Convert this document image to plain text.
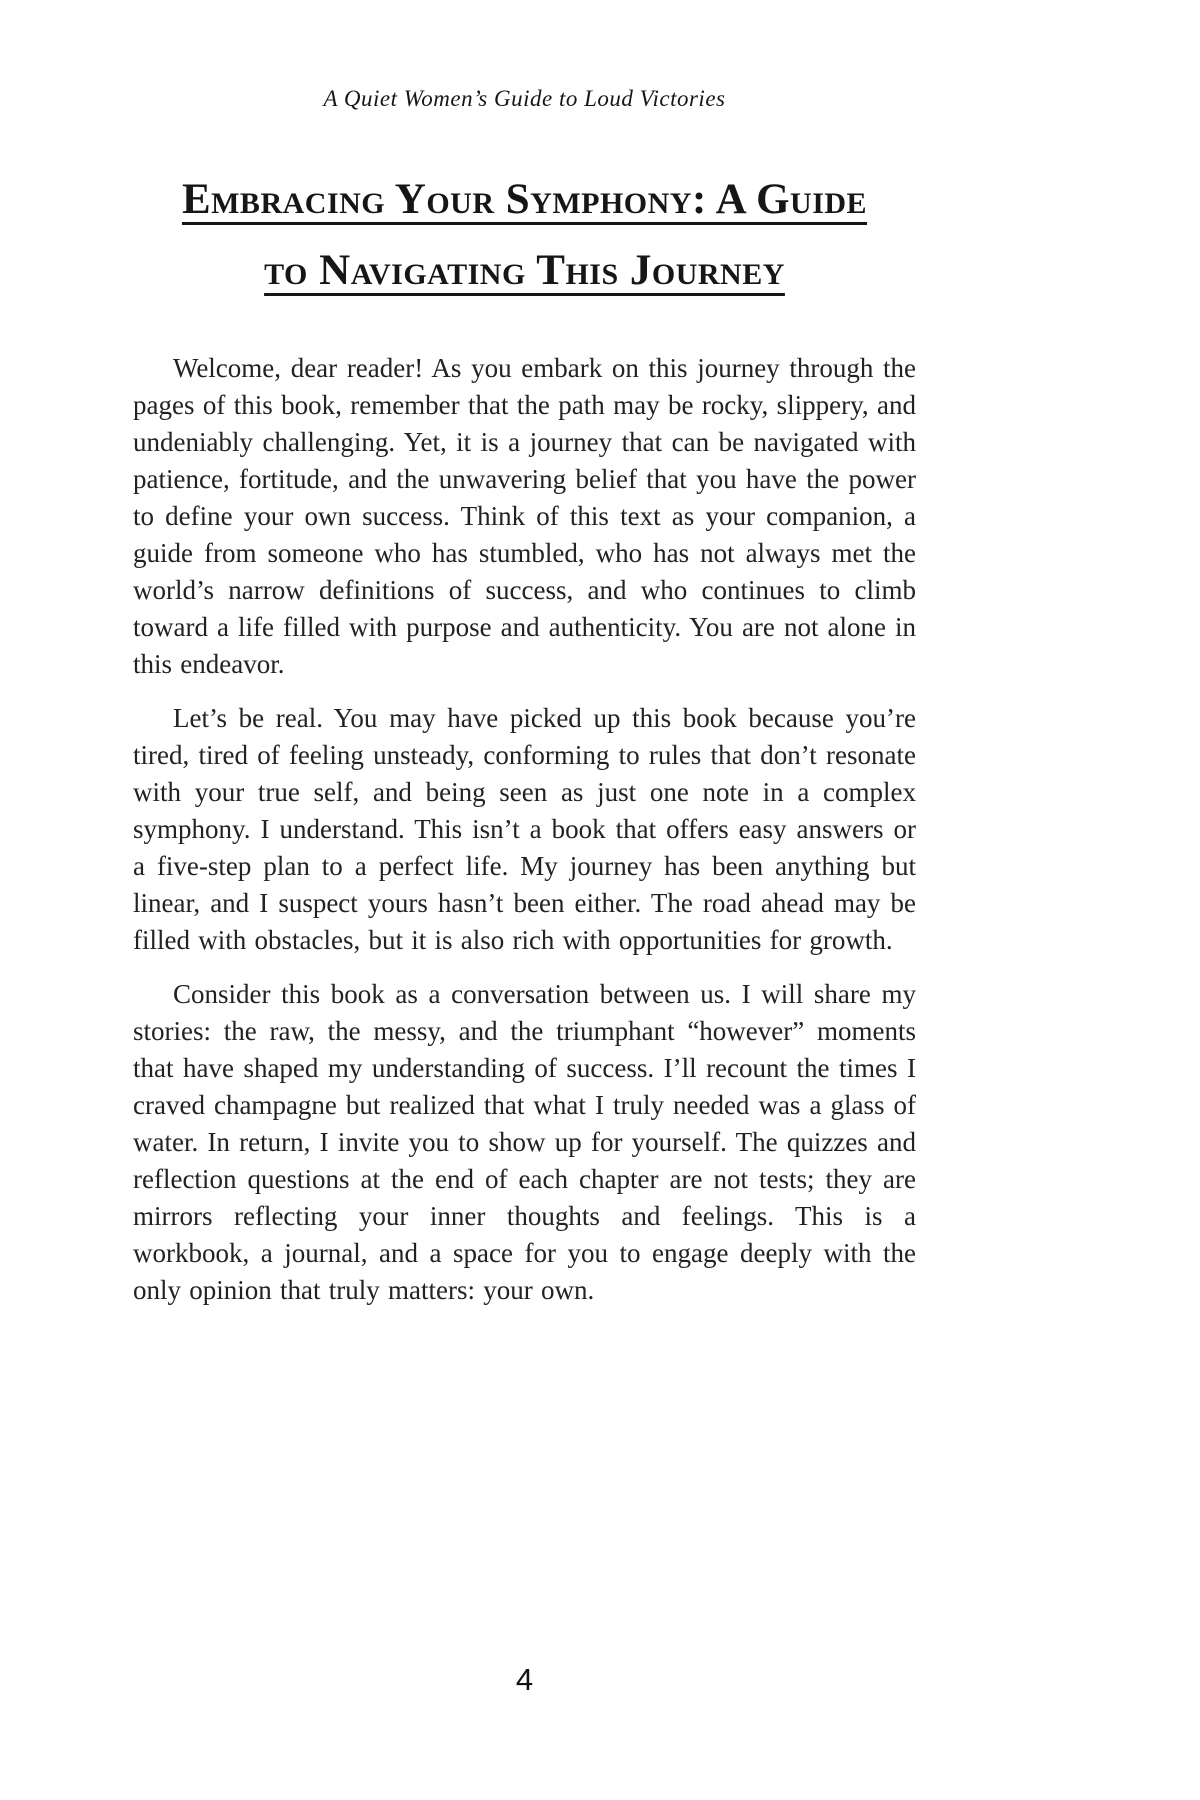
A Quiet Women’s Guide to Loud Victories
Embracing Your Symphony: A Guide
to Navigating This Journey

Welcome, dear reader! As you embark on this journey through the pages of this book, remember that the path may be rocky, slippery, and undeniably challenging. Yet, it is a journey that can be navigated with patience, fortitude, and the unwavering belief that you have the power to define your own success. Think of this text as your companion, a guide from someone who has stumbled, who has not always met the world’s narrow definitions of success, and who continues to climb toward a life filled with purpose and authenticity. You are not alone in this endeavor.

Let’s be real. You may have picked up this book because you’re tired, tired of feeling unsteady, conforming to rules that don’t resonate with your true self, and being seen as just one note in a complex symphony. I understand. This isn’t a book that offers easy answers or a five-step plan to a perfect life. My journey has been anything but linear, and I suspect yours hasn’t been either. The road ahead may be filled with obstacles, but it is also rich with opportunities for growth.

Consider this book as a conversation between us. I will share my stories: the raw, the messy, and the triumphant “however” moments that have shaped my understanding of success. I’ll recount the times I craved champagne but realized that what I truly needed was a glass of water. In return, I invite you to show up for yourself. The quizzes and reflection questions at the end of each chapter are not tests; they are mirrors reflecting your inner thoughts and feelings. This is a workbook, a journal, and a space for you to engage deeply with the only opinion that truly matters: your own.

4
